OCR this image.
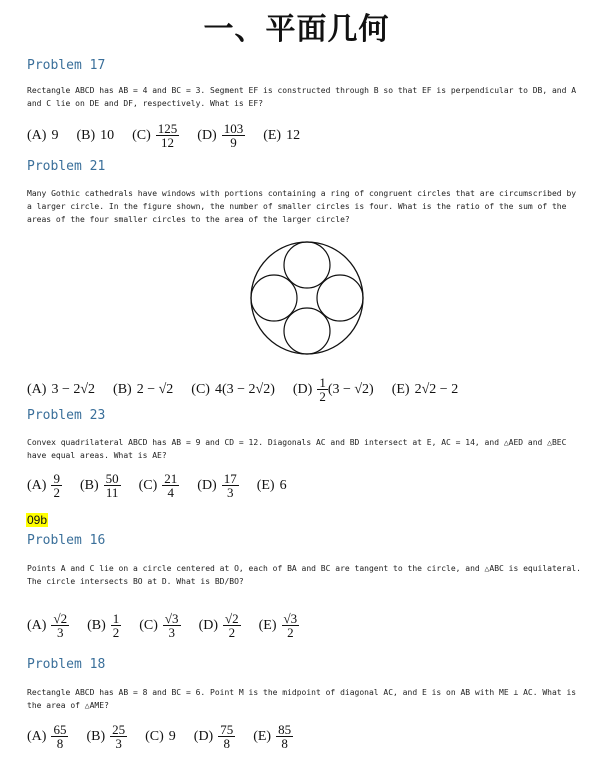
一、平面几何
Problem 17
Rectangle ABCD has AB = 4 and BC = 3. Segment EF is constructed through B so that EF is perpendicular to DB, and A and C lie on DE and DF, respectively. What is EF?
(A) 9 (B) 10 $(C) \frac{125}{12} (D) \frac{103}{9} (E)$ 12
Problem 21
Many Gothic cathedrals have windows with portions containing a ring of congruent circles that are circumscribed by a larger circle. In the figure shown, the number of smaller circles is four. What is the ratio of the sum of the areas of the four smaller circles to the area of the larger circle?
(A) 3 − 2√2 (B) 2 − √2 (C) 4(3 − 2√2) $(D) \frac{1}{2} (3 - √2)$ (E) 2√2 − 2
Problem 23
Convex quadrilateral ABCD has AB = 9 and CD = 12. Diagonals AC and BD intersect at E, AC = 14, and △AED and △BEC have equal areas. What is AE?
$(A) \frac{9}{2} (B) \frac{50}{11} (C) \frac{21}{4} (D) \frac{17}{3} (E)$ 6
09b
Problem 16
Points A and C lie on a circle centered at O, each of BA and BC are tangent to the circle, and △ABC is equilateral. The circle intersects BO at D. What is BD/BO?
$(A) \frac{√2}{3} (B) \frac{1}{2} (C) \frac{√3}{3} (D) \frac{√2}{2} (E) \frac{√3}{2}$
Problem 18
Rectangle ABCD has AB = 8 and BC = 6. Point M is the midpoint of diagonal AC, and E is on AB with ME ⊥ AC. What is the area of △AME?
$(A) \frac{65}{8} (B) \frac{25}{3} (C)$ 9 $(D) \frac{75}{8} (E) \frac{85}{8}$
